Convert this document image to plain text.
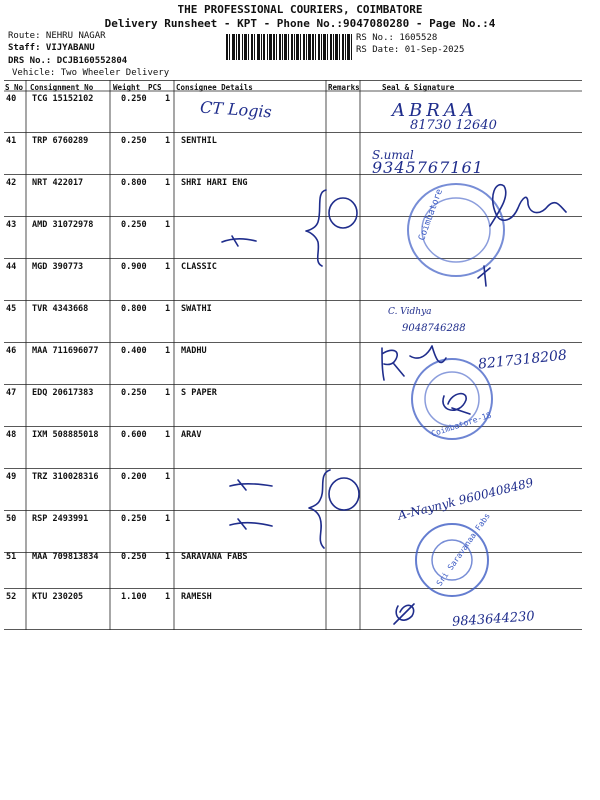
THE PROFESSIONAL COURIERS, COIMBATORE
Delivery Runsheet - KPT - Phone No.:9047080280 - Page No.:4
Route: NEHRU NAGAR
Staff: VIJYABANU
DRS No.: DCJB160552804
Vehicle: Two Wheeler Delivery
RS No.: 1605528
RS Date: 01-Sep-2025
S No Consignment No	Weight PCS Consignee Details	Remarks	Seal & Signature
40 TCG 15152102	0.250 1
41 TRP 6760289	0.250 1 SENTHIL
42 NRT 422017	0.800 1 SHRI HARI ENG
43 AMD 31072978	0.250 1
44 MGD 390773	0.900 1 CLASSIC
45 TVR 4343668	0.800 1 SWATHI
46 MAA 711696077	0.400 1 MADHU
47 EDQ 20617383	0.250 1 S PAPER
48 IXM 508885018	0.600 1 ARAV
49 TRZ 310028316	0.200 1
50 RSP 2493991	0.250 1
51 MAA 709813834	0.250 1 SARAVANA FABS
52 KTU 230205	1.100 1 RAMESH
Coimbatore
Coimbatore-18
Sri Saravanaa Fabs
CT Logis	ABRAA
81730 12640
S.umal
9345767161
C. Vidhya
9048746288
8217318208
A-Naynyk 9600408489
9843644230
